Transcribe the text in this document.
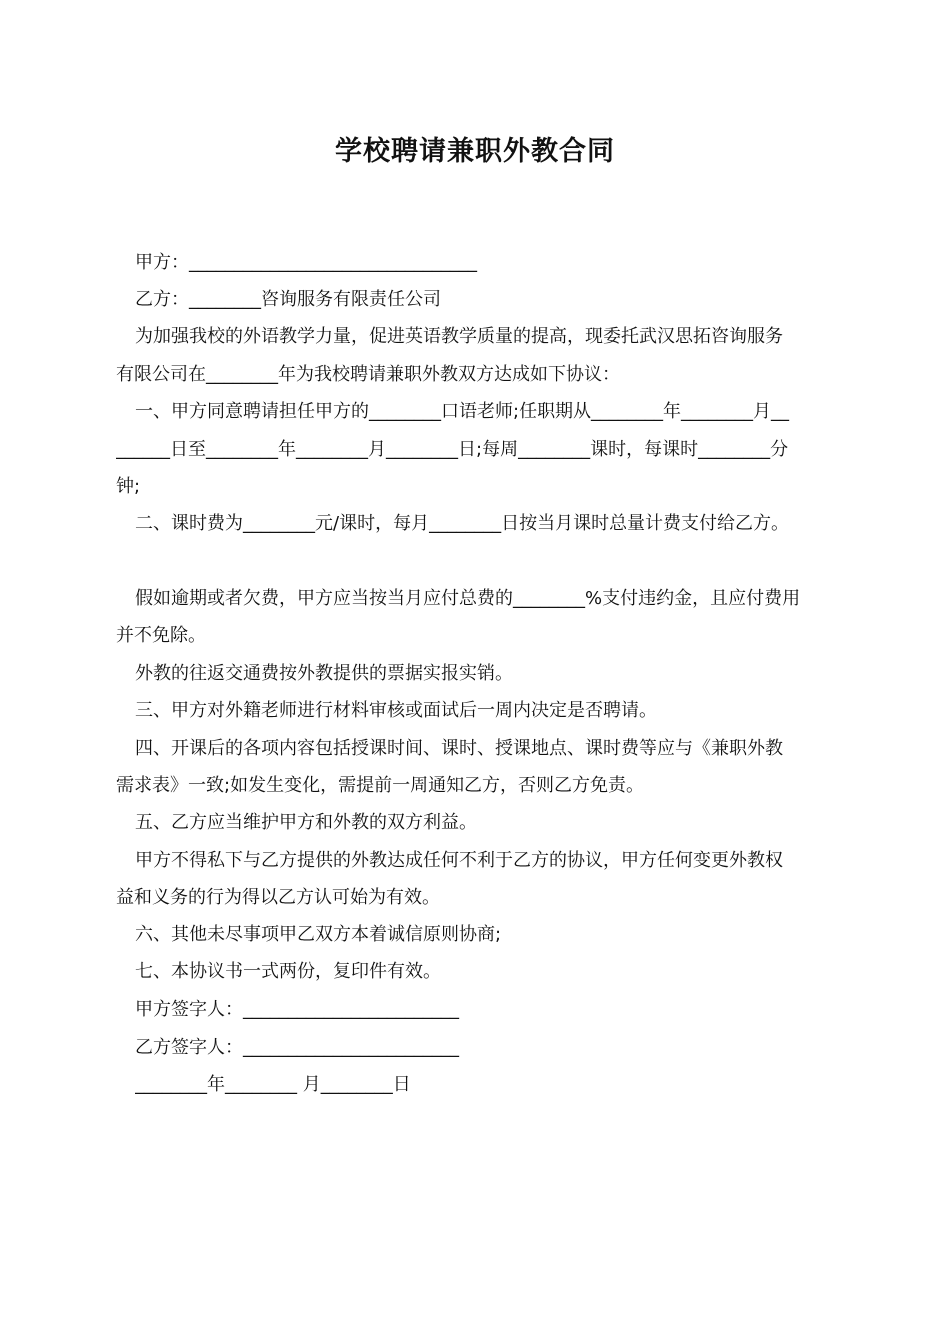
学校聘请兼职外教合同
甲方：________________________________
乙方：________咨询服务有限责任公司
为加强我校的外语教学力量，促进英语教学质量的提高，现委托武汉思拓咨询服务
有限公司在________年为我校聘请兼职外教双方达成如下协议：
一、甲方同意聘请担任甲方的________口语老师;任职期从________年________月__
______日至________年________月________日;每周________课时，每课时________分
钟;
二、课时费为________元/课时，每月________日按当月课时总量计费支付给乙方。
假如逾期或者欠费，甲方应当按当月应付总费的________%支付违约金，且应付费用
并不免除。
外教的往返交通费按外教提供的票据实报实销。
三、甲方对外籍老师进行材料审核或面试后一周内决定是否聘请。
四、开课后的各项内容包括授课时间、课时、授课地点、课时费等应与《兼职外教
需求表》一致;如发生变化，需提前一周通知乙方，否则乙方免责。
五、乙方应当维护甲方和外教的双方利益。
甲方不得私下与乙方提供的外教达成任何不利于乙方的协议，甲方任何变更外教权
益和义务的行为得以乙方认可始为有效。
六、其他未尽事项甲乙双方本着诚信原则协商;
七、本协议书一式两份，复印件有效。
甲方签字人：________________________
乙方签字人：________________________
________年________ 月________日
